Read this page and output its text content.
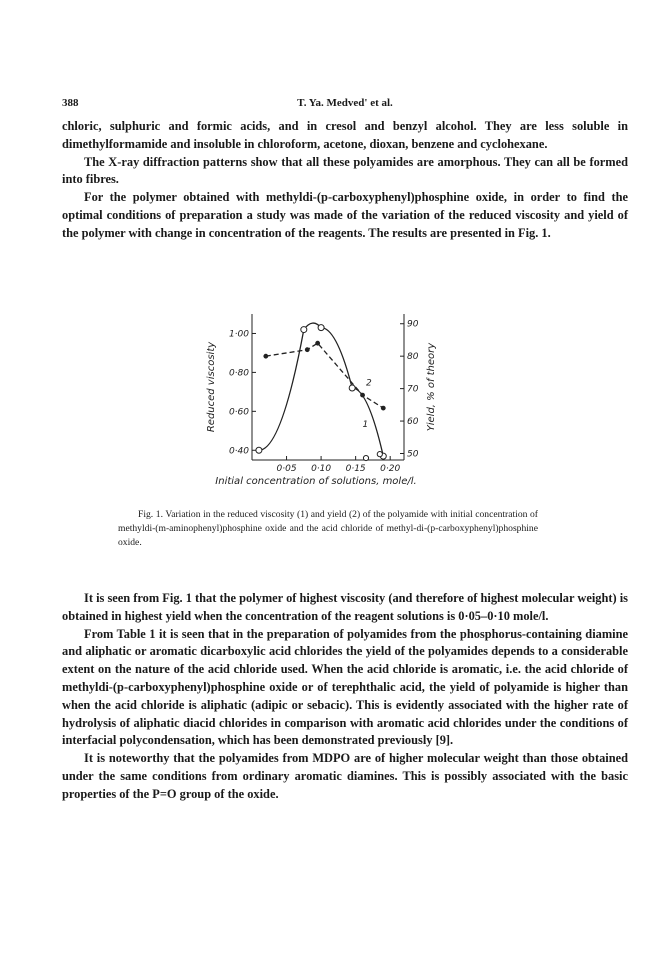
388	T. Ya. Medved' et al.

chloric, sulphuric and formic acids, and in cresol and benzyl alcohol. They are less soluble in dimethylformamide and insoluble in chloroform, acetone, dioxan, benzene and cyclohexane.

The X-ray diffraction patterns show that all these polyamides are amorphous. They can all be formed into fibres.

For the polymer obtained with methyldi-(p-carboxyphenyl)phosphine oxide, in order to find the optimal conditions of preparation a study was made of the variation of the reduced viscosity and yield of the polymer with change in concentration of the reagents. The results are presented in Fig. 1.

0·05 0·10 0·15 0·20
0·40
0·60
0·80
1·00
50
60
70
80
90
Initial concentration of solutions, mole/l.
Reduced viscosity	Yield, % of theory
1
2
Fig. 1. Variation in the reduced viscosity (1) and yield (2) of the polyamide with initial concentration of methyldi-(m-aminophenyl)phosphine oxide and the acid chloride of methyl-di-(p-carboxyphenyl)phosphine oxide.

It is seen from Fig. 1 that the polymer of highest viscosity (and therefore of highest molecular weight) is obtained in highest yield when the concentration of the reagent solutions is 0·05–0·10 mole/l.

From Table 1 it is seen that in the preparation of polyamides from the phosphorus-containing diamine and aliphatic or aromatic dicarboxylic acid chlorides the yield of the polyamides depends to a considerable extent on the nature of the acid chloride used. When the acid chloride is aromatic, i.e. the acid chloride of methyldi-(p-carboxyphenyl)phosphine oxide or of terephthalic acid, the yield of polyamide is higher than when the acid chloride is aliphatic (adipic or sebacic). This is evidently associated with the higher rate of hydrolysis of aliphatic diacid chlorides in comparison with aromatic acid chlorides under the conditions of interfacial polycondensation, which has been demonstrated previously [9].

It is noteworthy that the polyamides from MDPO are of higher molecular weight than those obtained under the same conditions from ordinary aromatic diamines. This is possibly associated with the basic properties of the P=O group of the oxide.
